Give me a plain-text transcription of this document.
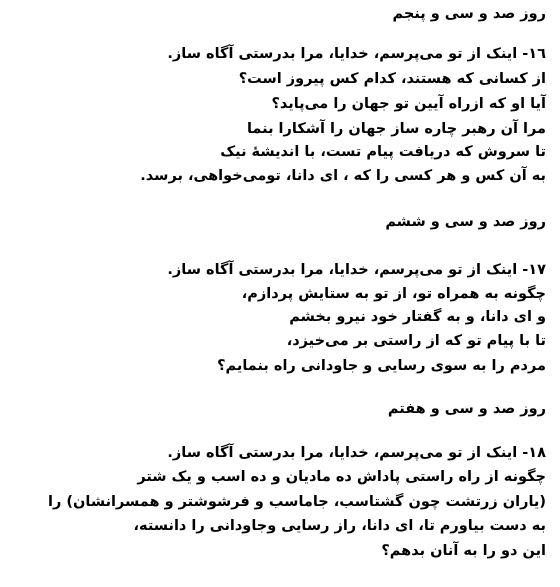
روز صد و سی و پنجم
١٦- اینک از تو می‌پرسم، خدایا، مرا بدرستی آگاه ساز.
از کسانی که هستند، کدام کس پیروز است؟
آیا او که ازراه‌ آیین‌ تو جهان را می‌پاید؟
مرا آن رهبر‌ چاره ساز‌ جهان را آشکارا بنما
تا سروش که دریافت پیام‌ تست، با اندیشهٔ نیک
به آن کس و هر کسی را که ، ای دانا، تومی‌خواهی، برسد.
روز صد و سی و ششم
١٧- اینک از تو می‌پرسم، خدایا، مرا بدرستی آگاه ساز.
چگونه به همراه‌ تو، از تو به ستایش پردازم،
و ای دانا، و به گفتار‌ خود نیرو بخشم
تا با پیام‌ تو که از راستی بر می‌خیزد،
مردم را به سوی رسایی و جاودانی راه بنمایم؟
روز صد و سی و هفتم
١٨- اینک از تو می‌پرسم، خدایا، مرا بدرستی آگاه ساز.
چگونه از راه‌ راستی پاداش‌ ده مادیان و ده اسب و یک شتر
(یاران زرتشت چون گشتاسب، جاماسب و فرشوشتر و همسرانشان) را
به دست بیاورم تا، ای دانا، راز‌ رسایی وجاودانی را دانسته،
این دو را به آنان بدهم؟
